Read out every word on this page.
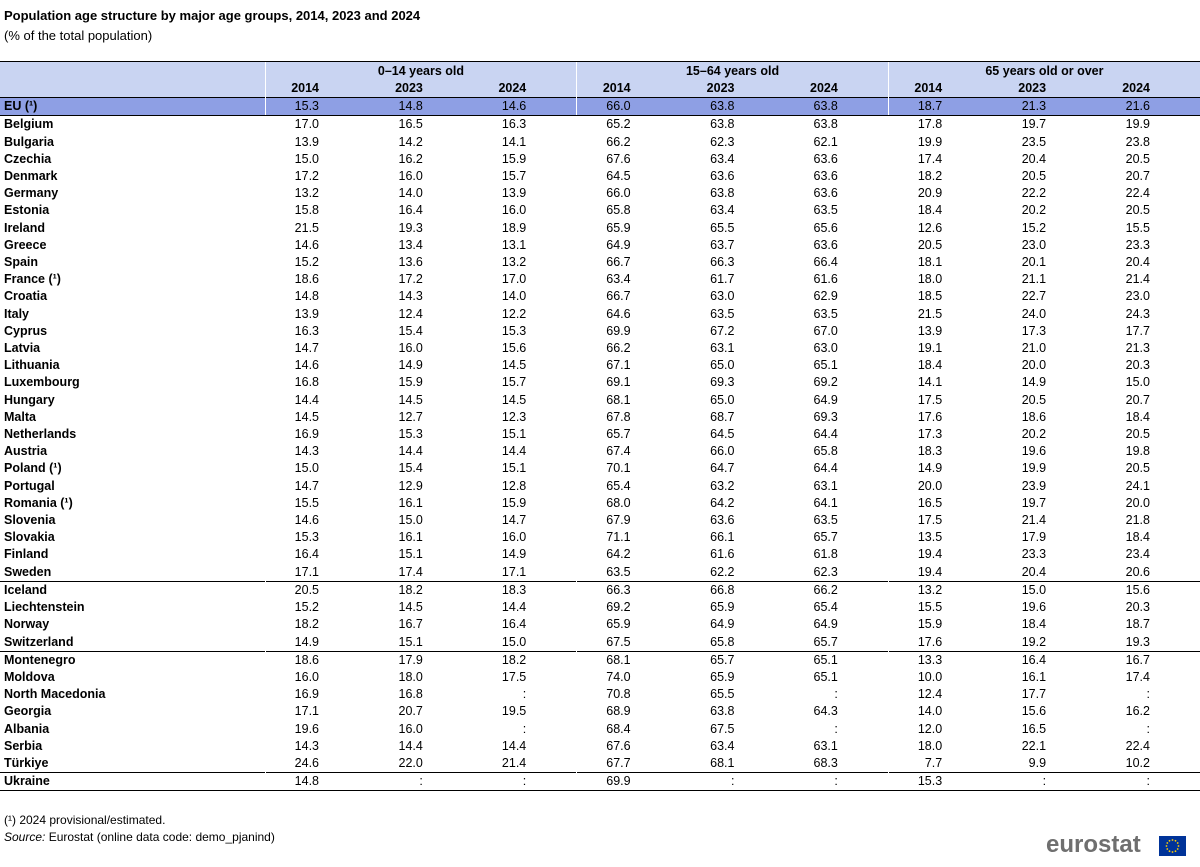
Population age structure by major age groups, 2014, 2023 and 2024
(% of the total population)
	0–14 years old			15–64 years old			65 years old or over		
	2014	2023	2024	2014	2023	2024	2014	2023	2024
EU (¹)	15.3	14.8	14.6	66.0	63.8	63.8	18.7	21.3	21.6
Belgium	17.0	16.5	16.3	65.2	63.8	63.8	17.8	19.7	19.9
Bulgaria	13.9	14.2	14.1	66.2	62.3	62.1	19.9	23.5	23.8
Czechia	15.0	16.2	15.9	67.6	63.4	63.6	17.4	20.4	20.5
Denmark	17.2	16.0	15.7	64.5	63.6	63.6	18.2	20.5	20.7
Germany	13.2	14.0	13.9	66.0	63.8	63.6	20.9	22.2	22.4
Estonia	15.8	16.4	16.0	65.8	63.4	63.5	18.4	20.2	20.5
Ireland	21.5	19.3	18.9	65.9	65.5	65.6	12.6	15.2	15.5
Greece	14.6	13.4	13.1	64.9	63.7	63.6	20.5	23.0	23.3
Spain	15.2	13.6	13.2	66.7	66.3	66.4	18.1	20.1	20.4
France (¹)	18.6	17.2	17.0	63.4	61.7	61.6	18.0	21.1	21.4
Croatia	14.8	14.3	14.0	66.7	63.0	62.9	18.5	22.7	23.0
Italy	13.9	12.4	12.2	64.6	63.5	63.5	21.5	24.0	24.3
Cyprus	16.3	15.4	15.3	69.9	67.2	67.0	13.9	17.3	17.7
Latvia	14.7	16.0	15.6	66.2	63.1	63.0	19.1	21.0	21.3
Lithuania	14.6	14.9	14.5	67.1	65.0	65.1	18.4	20.0	20.3
Luxembourg	16.8	15.9	15.7	69.1	69.3	69.2	14.1	14.9	15.0
Hungary	14.4	14.5	14.5	68.1	65.0	64.9	17.5	20.5	20.7
Malta	14.5	12.7	12.3	67.8	68.7	69.3	17.6	18.6	18.4
Netherlands	16.9	15.3	15.1	65.7	64.5	64.4	17.3	20.2	20.5
Austria	14.3	14.4	14.4	67.4	66.0	65.8	18.3	19.6	19.8
Poland (¹)	15.0	15.4	15.1	70.1	64.7	64.4	14.9	19.9	20.5
Portugal	14.7	12.9	12.8	65.4	63.2	63.1	20.0	23.9	24.1
Romania (¹)	15.5	16.1	15.9	68.0	64.2	64.1	16.5	19.7	20.0
Slovenia	14.6	15.0	14.7	67.9	63.6	63.5	17.5	21.4	21.8
Slovakia	15.3	16.1	16.0	71.1	66.1	65.7	13.5	17.9	18.4
Finland	16.4	15.1	14.9	64.2	61.6	61.8	19.4	23.3	23.4
Sweden	17.1	17.4	17.1	63.5	62.2	62.3	19.4	20.4	20.6
Iceland	20.5	18.2	18.3	66.3	66.8	66.2	13.2	15.0	15.6
Liechtenstein	15.2	14.5	14.4	69.2	65.9	65.4	15.5	19.6	20.3
Norway	18.2	16.7	16.4	65.9	64.9	64.9	15.9	18.4	18.7
Switzerland	14.9	15.1	15.0	67.5	65.8	65.7	17.6	19.2	19.3
Montenegro	18.6	17.9	18.2	68.1	65.7	65.1	13.3	16.4	16.7
Moldova	16.0	18.0	17.5	74.0	65.9	65.1	10.0	16.1	17.4
North Macedonia	16.9	16.8	:	70.8	65.5	:	12.4	17.7	:
Georgia	17.1	20.7	19.5	68.9	63.8	64.3	14.0	15.6	16.2
Albania	19.6	16.0	:	68.4	67.5	:	12.0	16.5	:
Serbia	14.3	14.4	14.4	67.6	63.4	63.1	18.0	22.1	22.4
Türkiye	24.6	22.0	21.4	67.7	68.1	68.3	7.7	9.9	10.2
Ukraine	14.8	:	:	69.9	:	:	15.3	:	:
(¹) 2024 provisional/estimated.
Source: Eurostat (online data code: demo_pjanind)	eurostat
